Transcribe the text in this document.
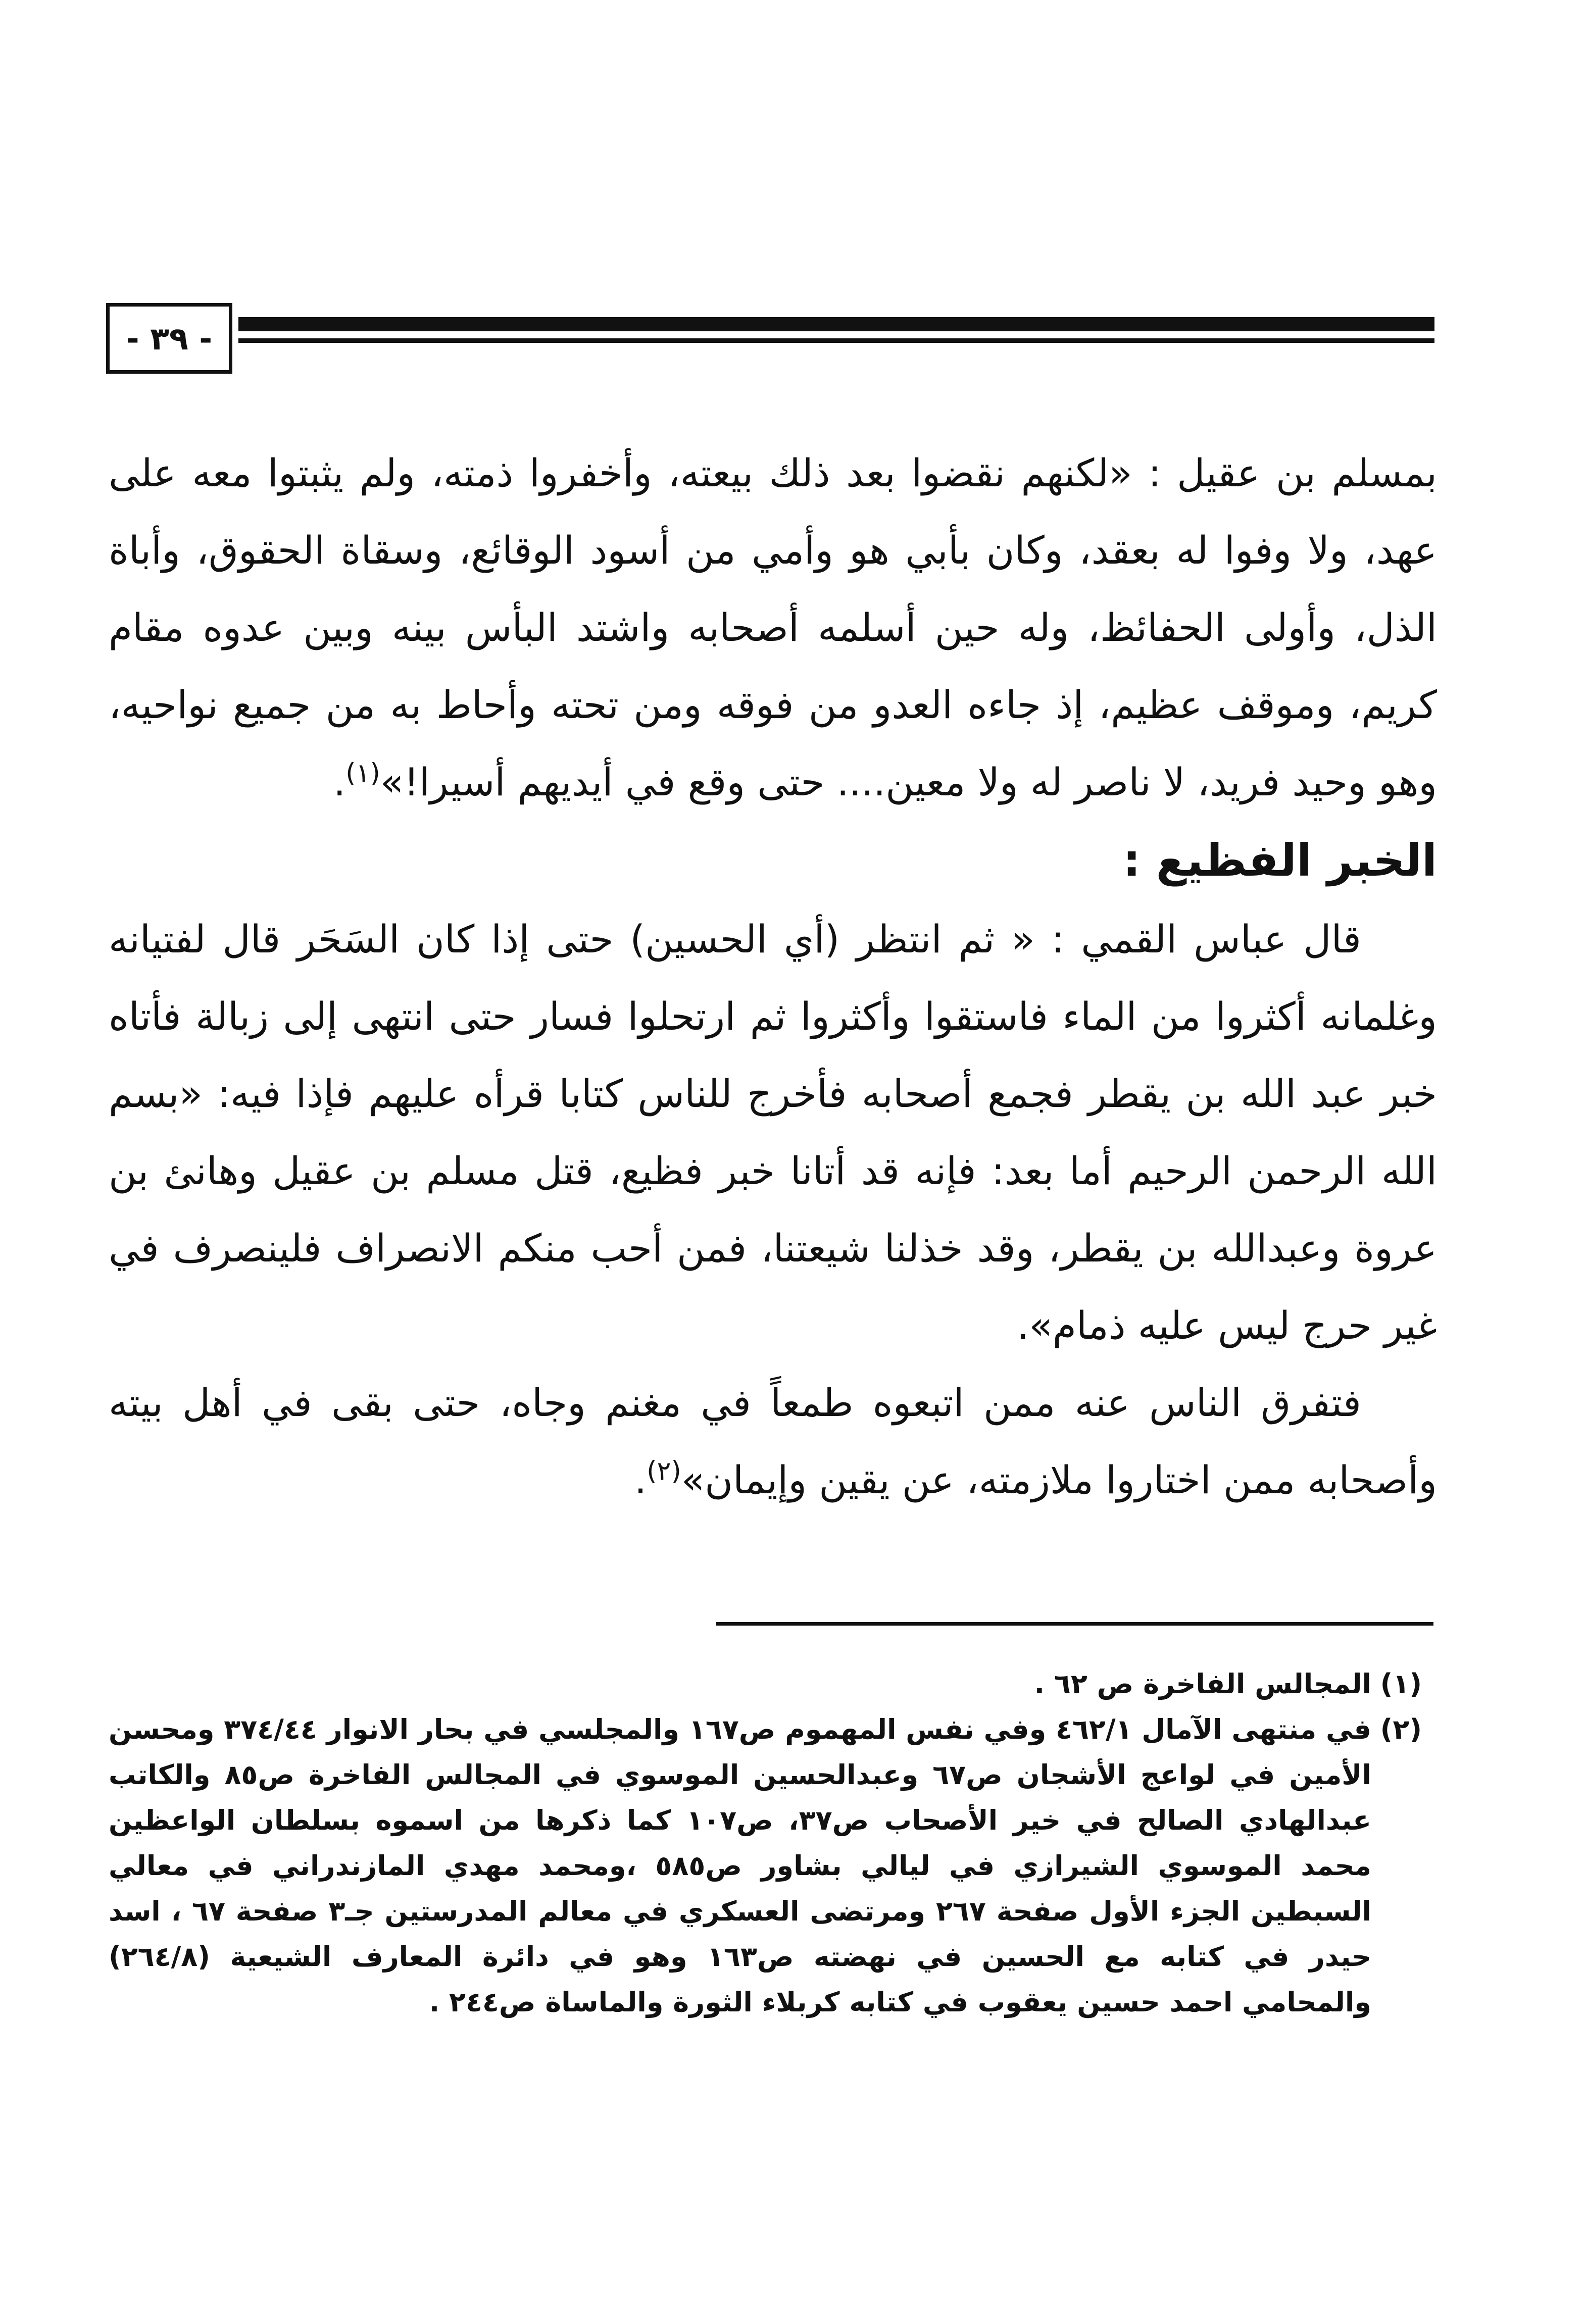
- ٣٩ -

بمسلم بن عقيل : «لكنهم نقضوا بعد ذلك بيعته، وأخفروا ذمته، ولم يثبتوا معه على عهد، ولا وفوا له بعقد، وكان بأبي هو وأمي من أسود الوقائع، وسقاة الحقوق، وأباة الذل، وأولى الحفائظ، وله حين أسلمه أصحابه واشتد البأس بينه وبين عدوه مقام كريم، وموقف عظيم، إذ جاءه العدو من فوقه ومن تحته وأحاط به من جميع نواحيه، وهو وحيد فريد، لا ناصر له ولا معين.... حتى وقع في أيديهم أسيرا!»$^{(١)}$.

الخبر الفظيع :

قال عباس القمي : « ثم انتظر (أي الحسين) حتى إذا كان السَحَر قال لفتيانه وغلمانه أكثروا من الماء فاستقوا وأكثروا ثم ارتحلوا فسار حتى انتهى إلى زبالة فأتاه خبر عبد الله بن يقطر فجمع أصحابه فأخرج للناس كتابا قرأه عليهم فإذا فيه: «بسم الله الرحمن الرحيم أما بعد: فإنه قد أتانا خبر فظيع، قتل مسلم بن عقيل وهانئ بن عروة وعبدالله بن يقطر، وقد خذلنا شيعتنا، فمن أحب منكم الانصراف فلينصرف في غير حرج ليس عليه ذمام».

فتفرق الناس عنه ممن اتبعوه طمعاً في مغنم وجاه، حتى بقى في أهل بيته وأصحابه ممن اختاروا ملازمته، عن يقين وإيمان»$^{(٢)}$.

(١)
المجالس الفاخرة ص ٦٢ .
(٢)
في منتهى الآمال ٤٦٢/١ وفي نفس المهموم ص١٦٧ والمجلسي في بحار الانوار ٣٧٤/٤٤ ومحسن الأمين في لواعج الأشجان ص٦٧ وعبدالحسين الموسوي في المجالس الفاخرة ص٨٥ والكاتب عبدالهادي الصالح في خير الأصحاب ص٣٧، ص١٠٧ كما ذكرها من اسموه بسلطان الواعظين محمد الموسوي الشيرازي في ليالي بشاور ص٥٨٥ ،ومحمد مهدي المازندراني في معالي السبطين الجزء الأول صفحة ٢٦٧ ومرتضى العسكري في معالم المدرستين جـ٣ صفحة ٦٧ ، اسد حيدر في كتابه مع الحسين في نهضته ص١٦٣ وهو في دائرة المعارف الشيعية (٢٦٤/٨) والمحامي احمد حسين يعقوب في كتابه كربلاء الثورة والماساة ص٢٤٤ .
